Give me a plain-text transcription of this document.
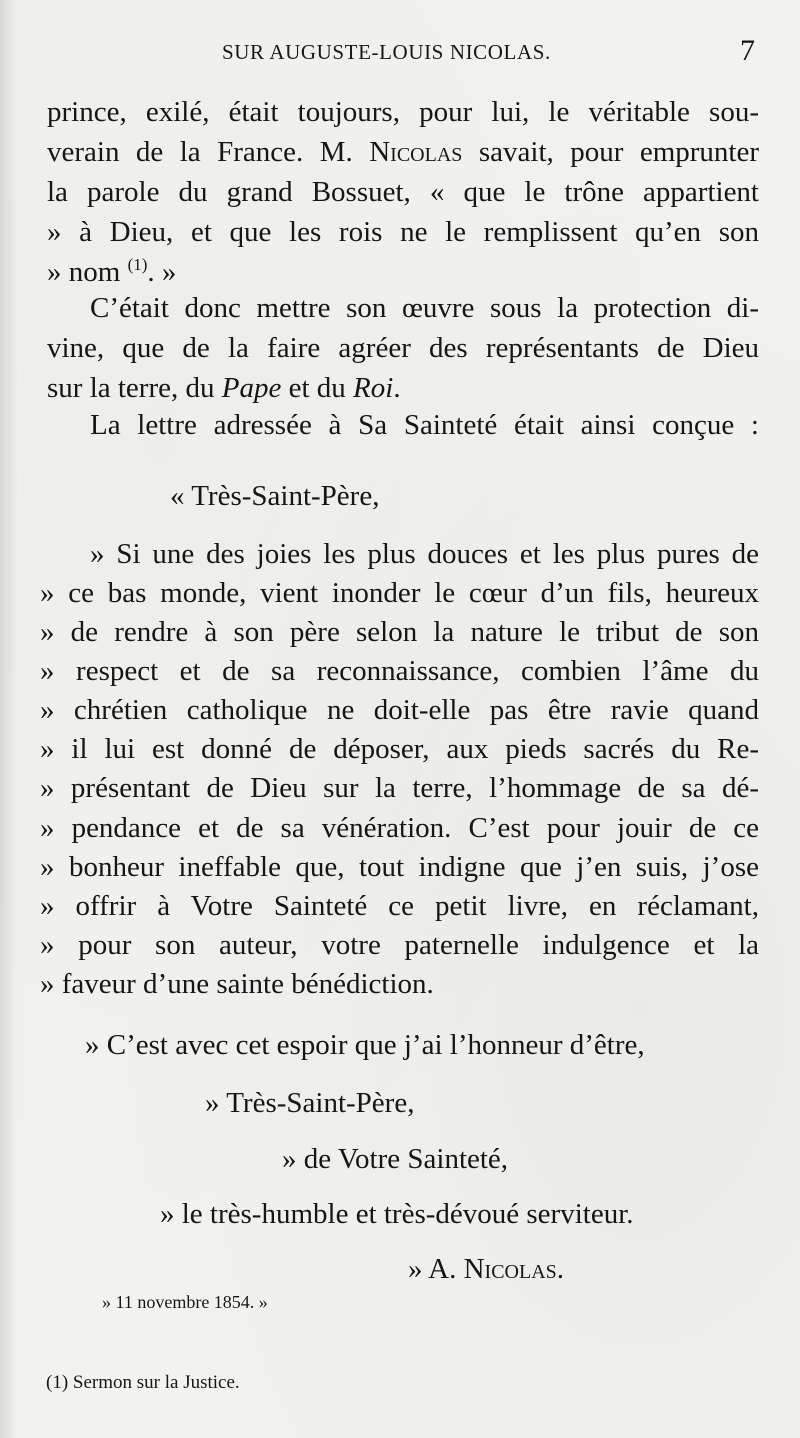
SUR AUGUSTE-LOUIS NICOLAS.	7
prince, exilé, était toujours, pour lui, le véritable sou-
verain de la France. M. Nicolas savait, pour emprunter
la parole du grand Bossuet, « que le trône appartient
» à Dieu, et que les rois ne le remplissent qu’en son
» nom $^{(1)}$. »
C’était donc mettre son œuvre sous la protection di-
vine, que de la faire agréer des représentants de Dieu
sur la terre, du Pape et du Roi.
La lettre adressée à Sa Sainteté était ainsi conçue :
« Très-Saint-Père,
» Si une des joies les plus douces et les plus pures de
» ce bas monde, vient inonder le cœur d’un fils, heureux
» de rendre à son père selon la nature le tribut de son
» respect et de sa reconnaissance, combien l’âme du
» chrétien catholique ne doit-elle pas être ravie quand
» il lui est donné de déposer, aux pieds sacrés du Re-
» présentant de Dieu sur la terre, l’hommage de sa dé-
» pendance et de sa vénération. C’est pour jouir de ce
» bonheur ineffable que, tout indigne que j’en suis, j’ose
» offrir à Votre Sainteté ce petit livre, en réclamant,
» pour son auteur, votre paternelle indulgence et la
» faveur d’une sainte bénédiction.
» C’est avec cet espoir que j’ai l’honneur d’être,
» Très-Saint-Père,
» de Votre Sainteté,
» le très-humble et très-dévoué serviteur.
» A. Nicolas.
» 11 novembre 1854. »
(1) Sermon sur la Justice.
